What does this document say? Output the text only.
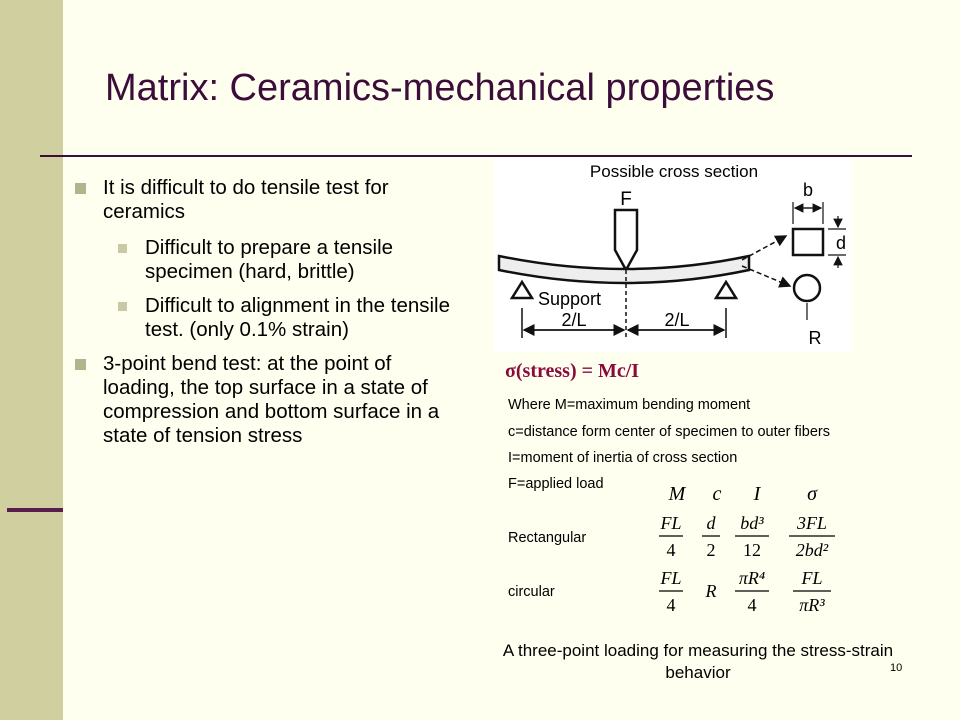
Matrix: Ceramics-mechanical properties
It is difficult to do tensile test for ceramics
Difficult to prepare a tensile specimen (hard, brittle)
Difficult to alignment in the tensile test. (only 0.1% strain)
3-point bend test: at the point of loading, the top surface in a state of compression and bottom surface in a state of tension stress
Possible cross section
F
Support
2/L	2/L
b
d
R
σ(stress) = Mc/I
Where M=maximum bending moment
c=distance form center of specimen to outer fibers
I=moment of inertia of cross section
F=applied load
Rectangular
circular
M c I σ
FL
4
d
2
bd³
12
3FL
2bd²
FL
4
R
πR⁴
4
FL
πR³
A three-point loading for measuring the stress-strain behavior	10
